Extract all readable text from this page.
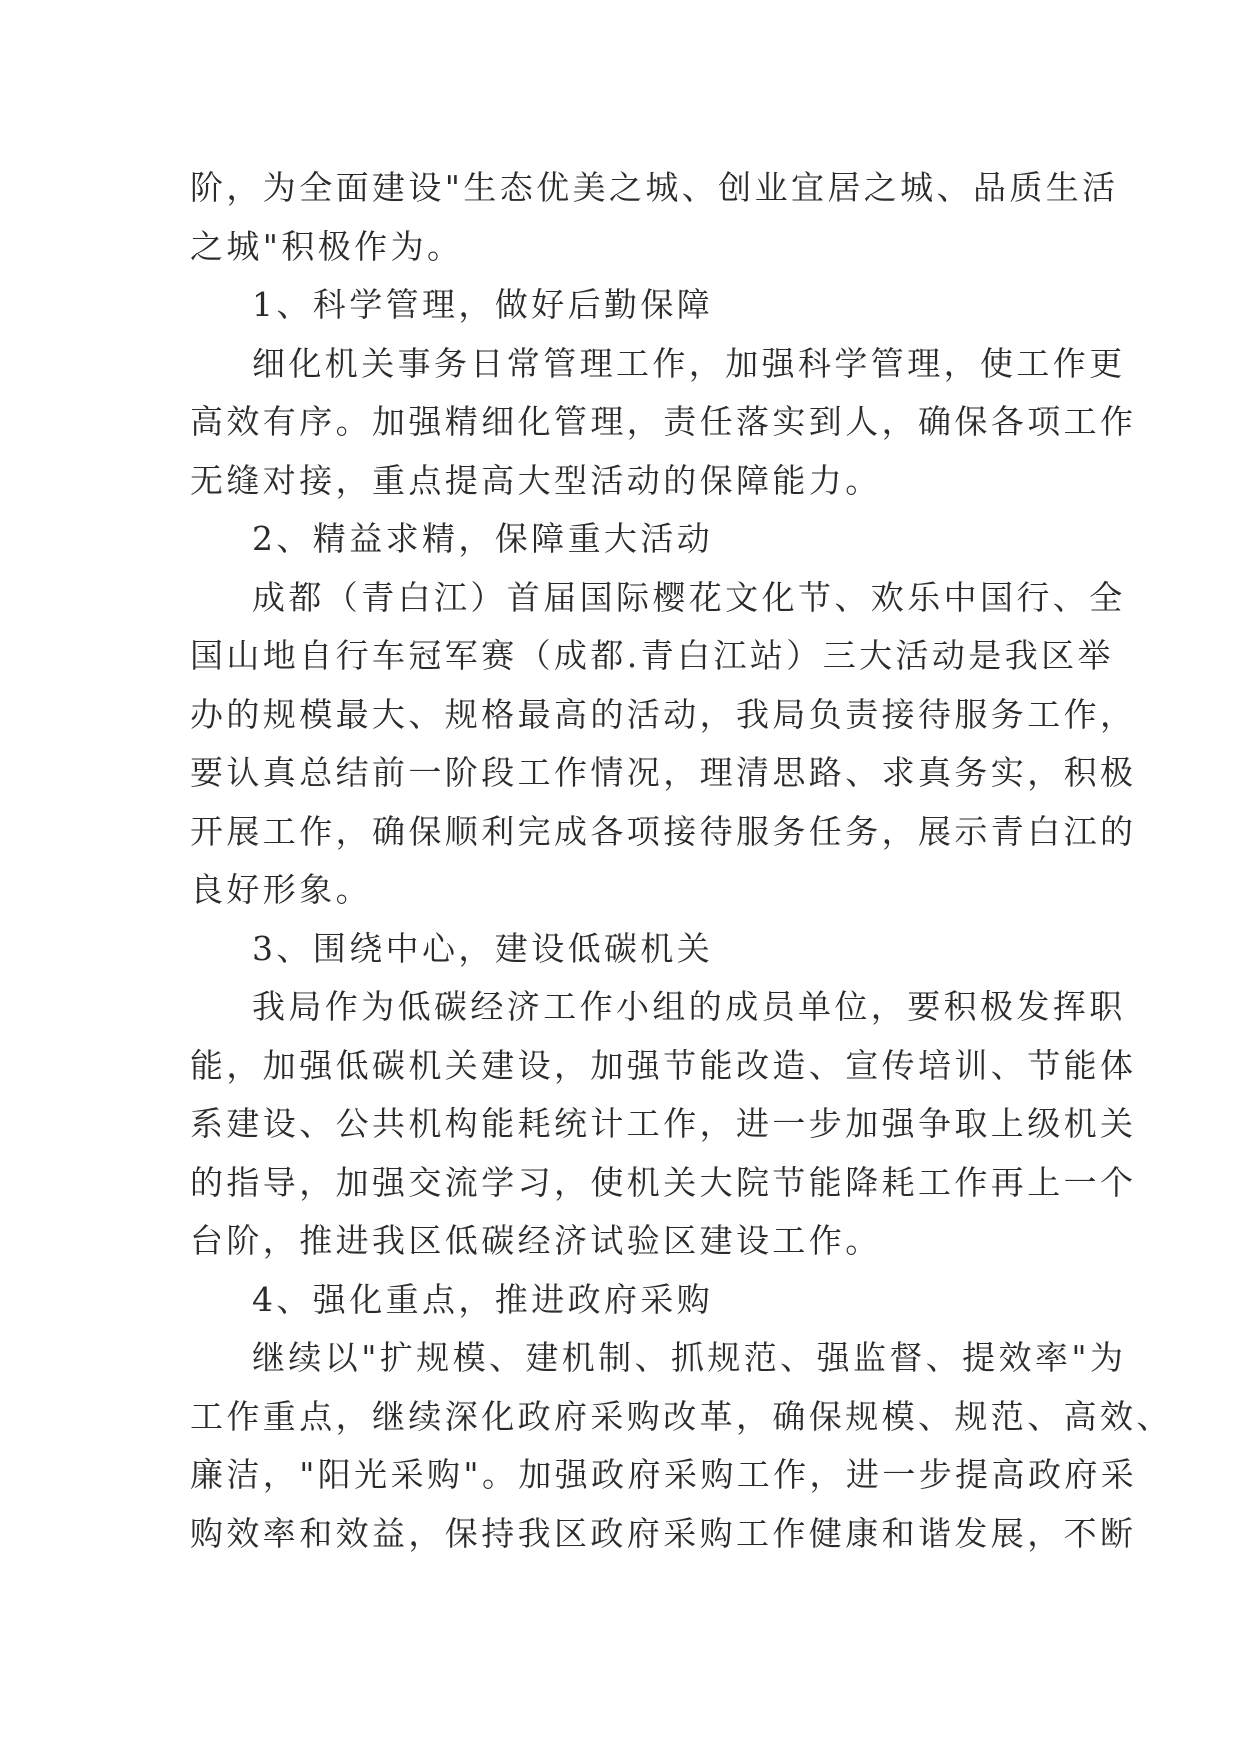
阶，为全面建设"生态优美之城、创业宜居之城、品质生活
之城"积极作为。
1、科学管理，做好后勤保障
细化机关事务日常管理工作，加强科学管理，使工作更
高效有序。加强精细化管理，责任落实到人，确保各项工作
无缝对接，重点提高大型活动的保障能力。
2、精益求精，保障重大活动
成都（青白江）首届国际樱花文化节、欢乐中国行、全
国山地自行车冠军赛（成都.青白江站）三大活动是我区举
办的规模最大、规格最高的活动，我局负责接待服务工作，
要认真总结前一阶段工作情况，理清思路、求真务实，积极
开展工作，确保顺利完成各项接待服务任务，展示青白江的
良好形象。
3、围绕中心，建设低碳机关
我局作为低碳经济工作小组的成员单位，要积极发挥职
能，加强低碳机关建设，加强节能改造、宣传培训、节能体
系建设、公共机构能耗统计工作，进一步加强争取上级机关
的指导，加强交流学习，使机关大院节能降耗工作再上一个
台阶，推进我区低碳经济试验区建设工作。
4、强化重点，推进政府采购
继续以"扩规模、建机制、抓规范、强监督、提效率"为
工作重点，继续深化政府采购改革，确保规模、规范、高效、
廉洁，"阳光采购"。加强政府采购工作，进一步提高政府采
购效率和效益，保持我区政府采购工作健康和谐发展，不断
